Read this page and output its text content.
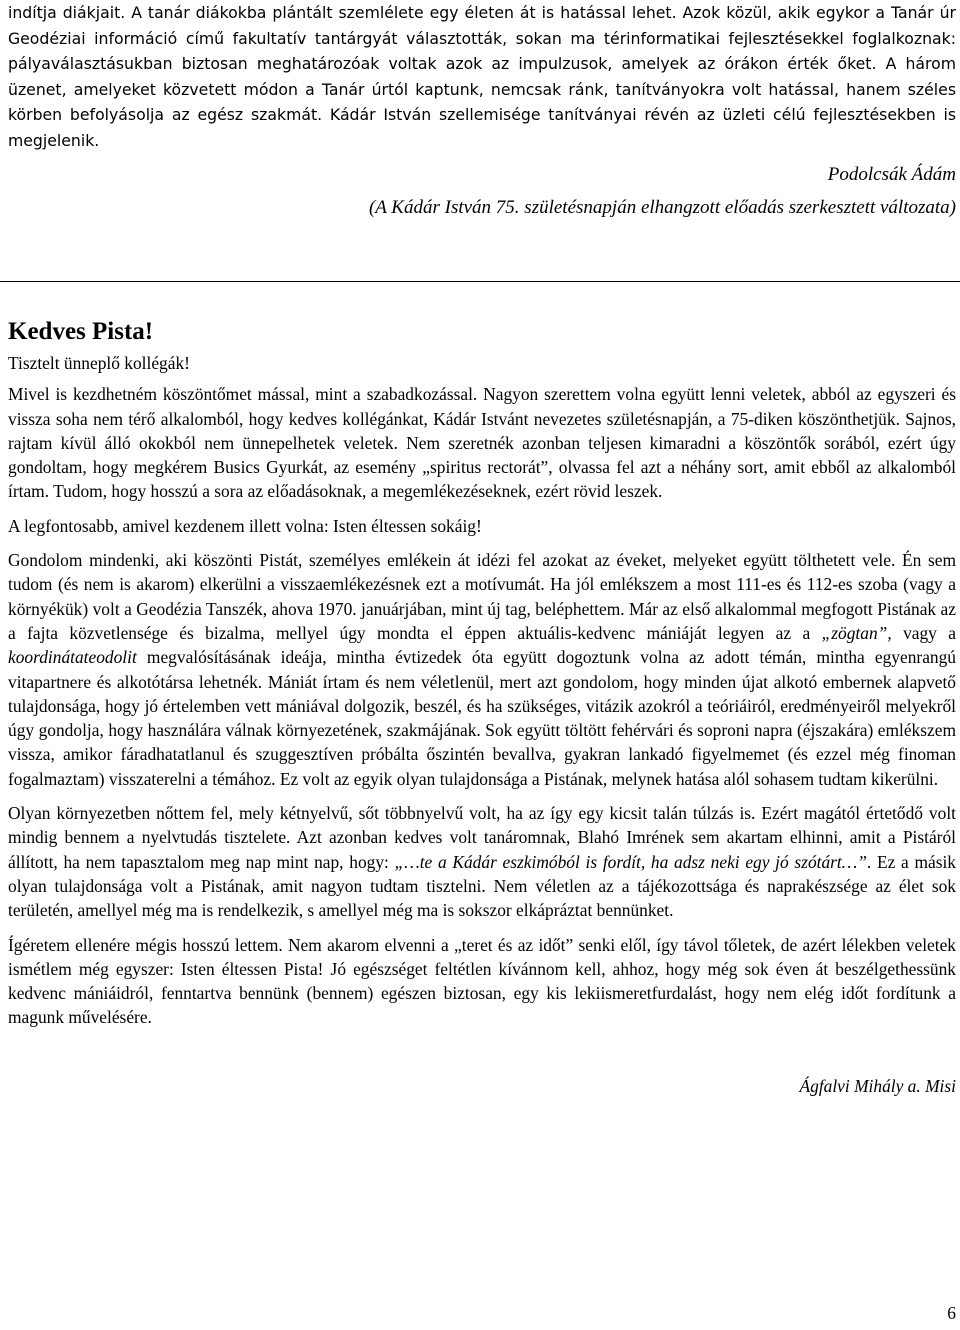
indítja diákjait. A tanár diákokba plántált szemlélete egy életen át is hatással lehet. Azok közül, akik egykor a Tanár úr Geodéziai információ című fakultatív tantárgyát választották, sokan ma térinformatikai fejlesztésekkel foglalkoznak: pályaválasztásukban biztosan meghatározóak voltak azok az impulzusok, amelyek az órákon érték őket. A három üzenet, amelyeket közvetett módon a Tanár úrtól kaptunk, nemcsak ránk, tanítványokra volt hatással, hanem széles körben befolyásolja az egész szakmát. Kádár István szellemisége tanítványai révén az üzleti célú fejlesztésekben is megjelenik.

Podolcsák Ádám

(A Kádár István 75. születésnapján elhangzott előadás szerkesztett változata)

Kedves Pista!

Tisztelt ünneplő kollégák!

Mivel is kezdhetném köszöntőmet mással, mint a szabadkozással. Nagyon szerettem volna együtt lenni veletek, abból az egyszeri és vissza soha nem térő alkalomból, hogy kedves kollégánkat, Kádár Istvánt nevezetes születésnapján, a 75-diken köszönthetjük. Sajnos, rajtam kívül álló okokból nem ünnepelhetek veletek. Nem szeretnék azonban teljesen kimaradni a köszöntők sorából, ezért úgy gondoltam, hogy megkérem Busics Gyurkát, az esemény „spiritus rectorát”, olvassa fel azt a néhány sort, amit ebből az alkalomból írtam. Tudom, hogy hosszú a sora az előadásoknak, a megemlékezéseknek, ezért rövid leszek.

A legfontosabb, amivel kezdenem illett volna: Isten éltessen sokáig!

Gondolom mindenki, aki köszönti Pistát, személyes emlékein át idézi fel azokat az éveket, melyeket együtt tölthetett vele. Én sem tudom (és nem is akarom) elkerülni a visszaemlékezésnek ezt a motívumát. Ha jól emlékszem a most 111-es és 112-es szoba (vagy a környékük) volt a Geodézia Tanszék, ahova 1970. januárjában, mint új tag, beléphettem. Már az első alkalommal megfogott Pistának az a fajta közvetlensége és bizalma, mellyel úgy mondta el éppen aktuális-kedvenc mániáját legyen az a „zögtan”, vagy a koordinátateodolit megvalósításának ideája, mintha évtizedek óta együtt dogoztunk volna az adott témán, mintha egyenrangú vitapartnere és alkotótársa lehetnék. Mániát írtam és nem véletlenül, mert azt gondolom, hogy minden újat alkotó embernek alapvető tulajdonsága, hogy jó értelemben vett mániával dolgozik, beszél, és ha szükséges, vitázik azokról a teóriáiról, eredményeiről melyekről úgy gondolja, hogy használára válnak környezetének, szakmájának. Sok együtt töltött fehérvári és soproni napra (éjszakára) emlékszem vissza, amikor fáradhatatlanul és szuggesztíven próbálta őszintén bevallva, gyakran lankadó figyelmemet (és ezzel még finoman fogalmaztam) visszaterelni a témához. Ez volt az egyik olyan tulajdonsága a Pistának, melynek hatása alól sohasem tudtam kikerülni.

Olyan környezetben nőttem fel, mely kétnyelvű, sőt többnyelvű volt, ha az így egy kicsit talán túlzás is. Ezért magától értetődő volt mindig bennem a nyelvtudás tisztelete. Azt azonban kedves volt tanáromnak, Blahó Imrének sem akartam elhinni, amit a Pistáról állított, ha nem tapasztalom meg nap mint nap, hogy: „…te a Kádár eszkimóból is fordít, ha adsz neki egy jó szótárt…”. Ez a másik olyan tulajdonsága volt a Pistának, amit nagyon tudtam tisztelni. Nem véletlen az a tájékozottsága és naprakészsége az élet sok területén, amellyel még ma is rendelkezik, s amellyel még ma is sokszor elkápráztat bennünket.

Ígéretem ellenére mégis hosszú lettem. Nem akarom elvenni a „teret és az időt” senki elől, így távol tőletek, de azért lélekben veletek ismétlem még egyszer: Isten éltessen Pista! Jó egészséget feltétlen kívánnom kell, ahhoz, hogy még sok éven át beszélgethessünk kedvenc mániáidról, fenntartva bennünk (bennem) egészen biztosan, egy kis lekiismeretfurdalást, hogy nem elég időt fordítunk a magunk művelésére.

Ágfalvi Mihály a. Misi

6
